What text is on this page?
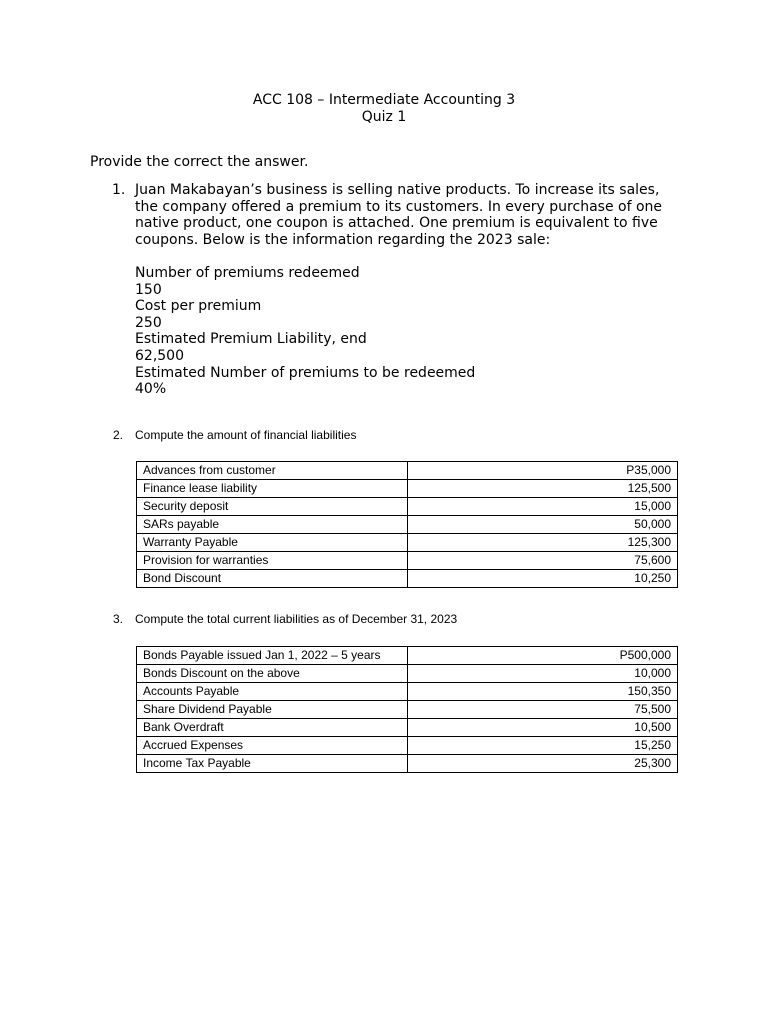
ACC 108 – Intermediate Accounting 3
Quiz 1
Provide the correct the answer.
1. Juan Makabayan’s business is selling native products. To increase its sales, the company offered a premium to its customers. In every purchase of one native product, one coupon is attached. One premium is equivalent to five coupons. Below is the information regarding the 2023 sale:
Number of premiums redeemed
150
Cost per premium
250
Estimated Premium Liability, end
62,500
Estimated Number of premiums to be redeemed
40%
2. Compute the amount of financial liabilities
Advances from customer	P35,000
Finance lease liability	125,500
Security deposit	15,000
SARs payable	50,000
Warranty Payable	125,300
Provision for warranties	75,600
Bond Discount	10,250
3. Compute the total current liabilities as of December 31, 2023
Bonds Payable issued Jan 1, 2022 – 5 years	P500,000
Bonds Discount on the above	10,000
Accounts Payable	150,350
Share Dividend Payable	75,500
Bank Overdraft	10,500
Accrued Expenses	15,250
Income Tax Payable	25,300
